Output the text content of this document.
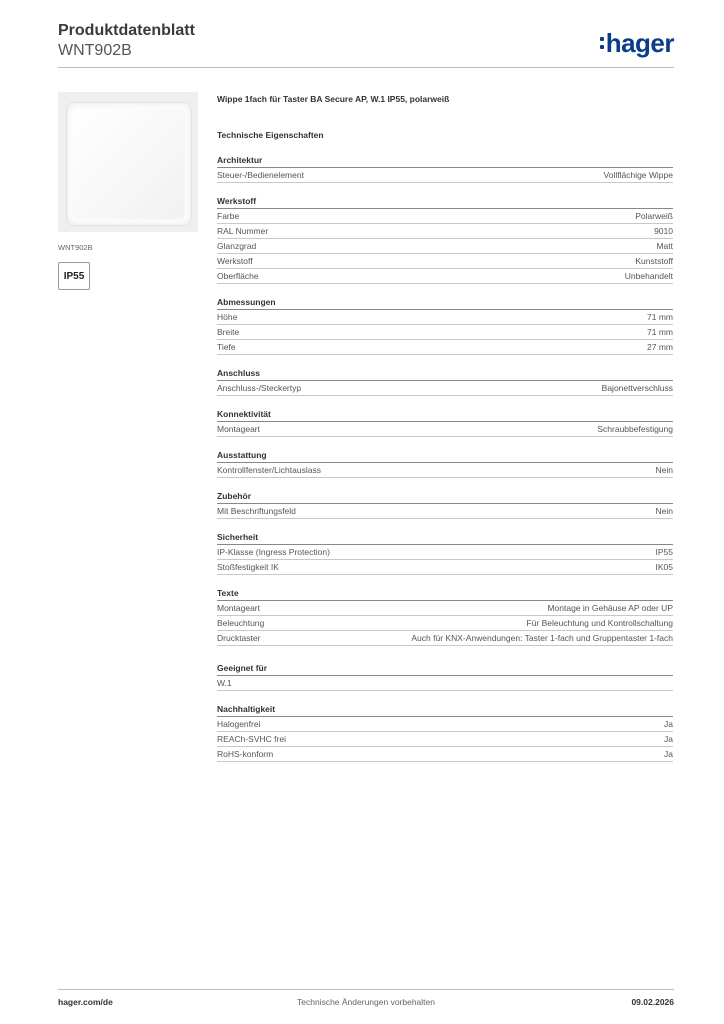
Produktdatenblatt
WNT902B	hager
WNT902B
IP55
Wippe 1fach für Taster BA Secure AP, W.1 IP55, polarweiß
Technische Eigenschaften
Architektur
Steuer-/Bedienelement	Vollflächige Wippe
Werkstoff
Farbe	Polarweiß
RAL Nummer	9010
Glanzgrad	Matt
Werkstoff	Kunststoff
Oberfläche	Unbehandelt
Abmessungen
Höhe	71 mm
Breite	71 mm
Tiefe	27 mm
Anschluss
Anschluss-/Steckertyp	Bajonettverschluss
Konnektivität
Montageart	Schraubbefestigung
Ausstattung
Kontrollfenster/Lichtauslass	Nein
Zubehör
Mit Beschriftungsfeld	Nein
Sicherheit
IP-Klasse (Ingress Protection)	IP55
Stoßfestigkeit IK	IK05
Texte
Montageart	Montage in Gehäuse AP oder UP
Beleuchtung	Für Beleuchtung und Kontrollschaltung
Drucktaster	Auch für KNX-Anwendungen: Taster 1-fach und Gruppentaster 1-fach
Geeignet für
W.1
Nachhaltigkeit
Halogenfrei	Ja
REACh-SVHC frei	Ja
RoHS-konform	Ja
hager.com/de	Technische Änderungen vorbehalten	09.02.2026
